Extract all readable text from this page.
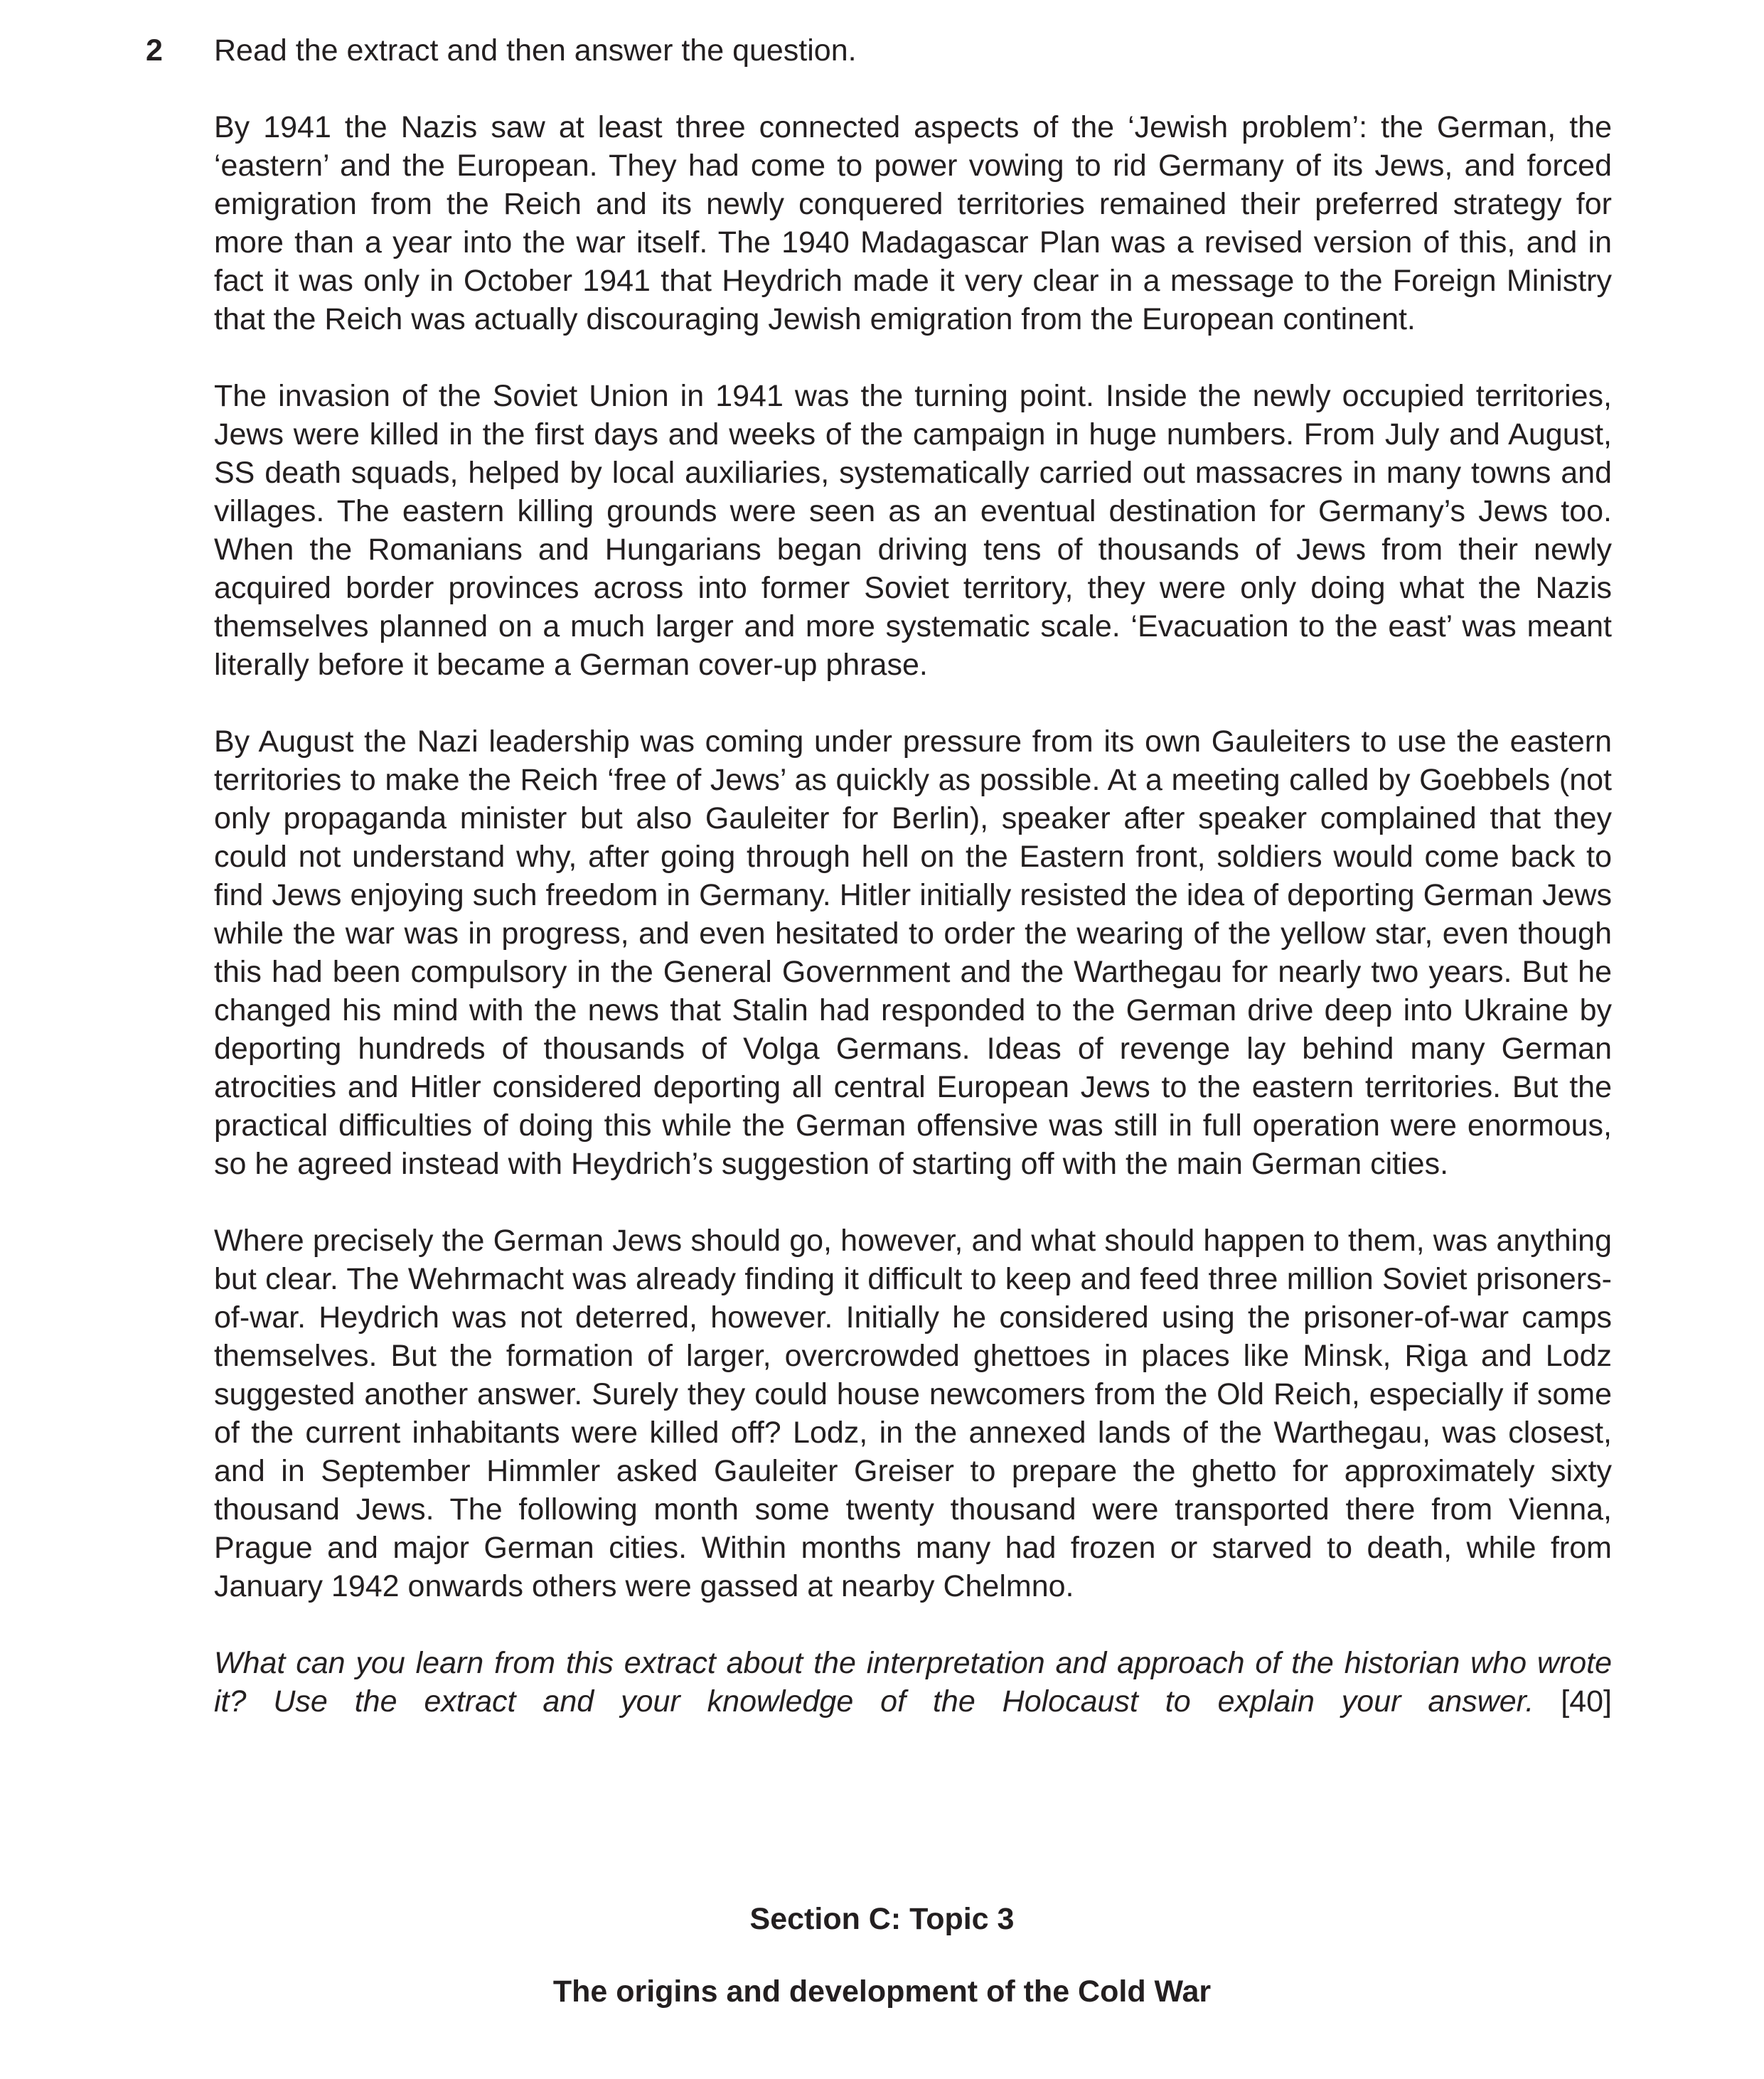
2 Read the extract and then answer the question.

By 1941 the Nazis saw at least three connected aspects of the ‘Jewish problem’: the German, the ‘eastern’ and the European. They had come to power vowing to rid Germany of its Jews, and forced emigration from the Reich and its newly conquered territories remained their preferred strategy for more than a year into the war itself. The 1940 Madagascar Plan was a revised version of this, and in fact it was only in October 1941 that Heydrich made it very clear in a message to the Foreign Ministry that the Reich was actually discouraging Jewish emigration from the European continent.

The invasion of the Soviet Union in 1941 was the turning point. Inside the newly occupied territories, Jews were killed in the first days and weeks of the campaign in huge numbers. From July and August, SS death squads, helped by local auxiliaries, systematically carried out massacres in many towns and villages. The eastern killing grounds were seen as an eventual destination for Germany’s Jews too. When the Romanians and Hungarians began driving tens of thousands of Jews from their newly acquired border provinces across into former Soviet territory, they were only doing what the Nazis themselves planned on a much larger and more systematic scale. ‘Evacuation to the east’ was meant literally before it became a German cover-up phrase.

By August the Nazi leadership was coming under pressure from its own Gauleiters to use the eastern territories to make the Reich ‘free of Jews’ as quickly as possible. At a meeting called by Goebbels (not only propaganda minister but also Gauleiter for Berlin), speaker after speaker complained that they could not understand why, after going through hell on the Eastern front, soldiers would come back to find Jews enjoying such freedom in Germany. Hitler initially resisted the idea of deporting German Jews while the war was in progress, and even hesitated to order the wearing of the yellow star, even though this had been compulsory in the General Government and the Warthegau for nearly two years. But he changed his mind with the news that Stalin had responded to the German drive deep into Ukraine by deporting hundreds of thousands of Volga Germans. Ideas of revenge lay behind many German atrocities and Hitler considered deporting all central European Jews to the eastern territories. But the practical difficulties of doing this while the German offensive was still in full operation were enormous, so he agreed instead with Heydrich’s suggestion of starting off with the main German cities.

Where precisely the German Jews should go, however, and what should happen to them, was anything but clear. The Wehrmacht was already finding it difficult to keep and feed three million Soviet prisoners-of-war. Heydrich was not deterred, however. Initially he considered using the prisoner-of-war camps themselves. But the formation of larger, overcrowded ghettoes in places like Minsk, Riga and Lodz suggested another answer. Surely they could house newcomers from the Old Reich, especially if some of the current inhabitants were killed off? Lodz, in the annexed lands of the Warthegau, was closest, and in September Himmler asked Gauleiter Greiser to prepare the ghetto for approximately sixty thousand Jews. The following month some twenty thousand were transported there from Vienna, Prague and major German cities. Within months many had frozen or starved to death, while from January 1942 onwards others were gassed at nearby Chelmno.

What can you learn from this extract about the interpretation and approach of the historian who wrote it? Use the extract and your knowledge of the Holocaust to explain your answer. [40]

Section C: Topic 3
The origins and development of the Cold War
